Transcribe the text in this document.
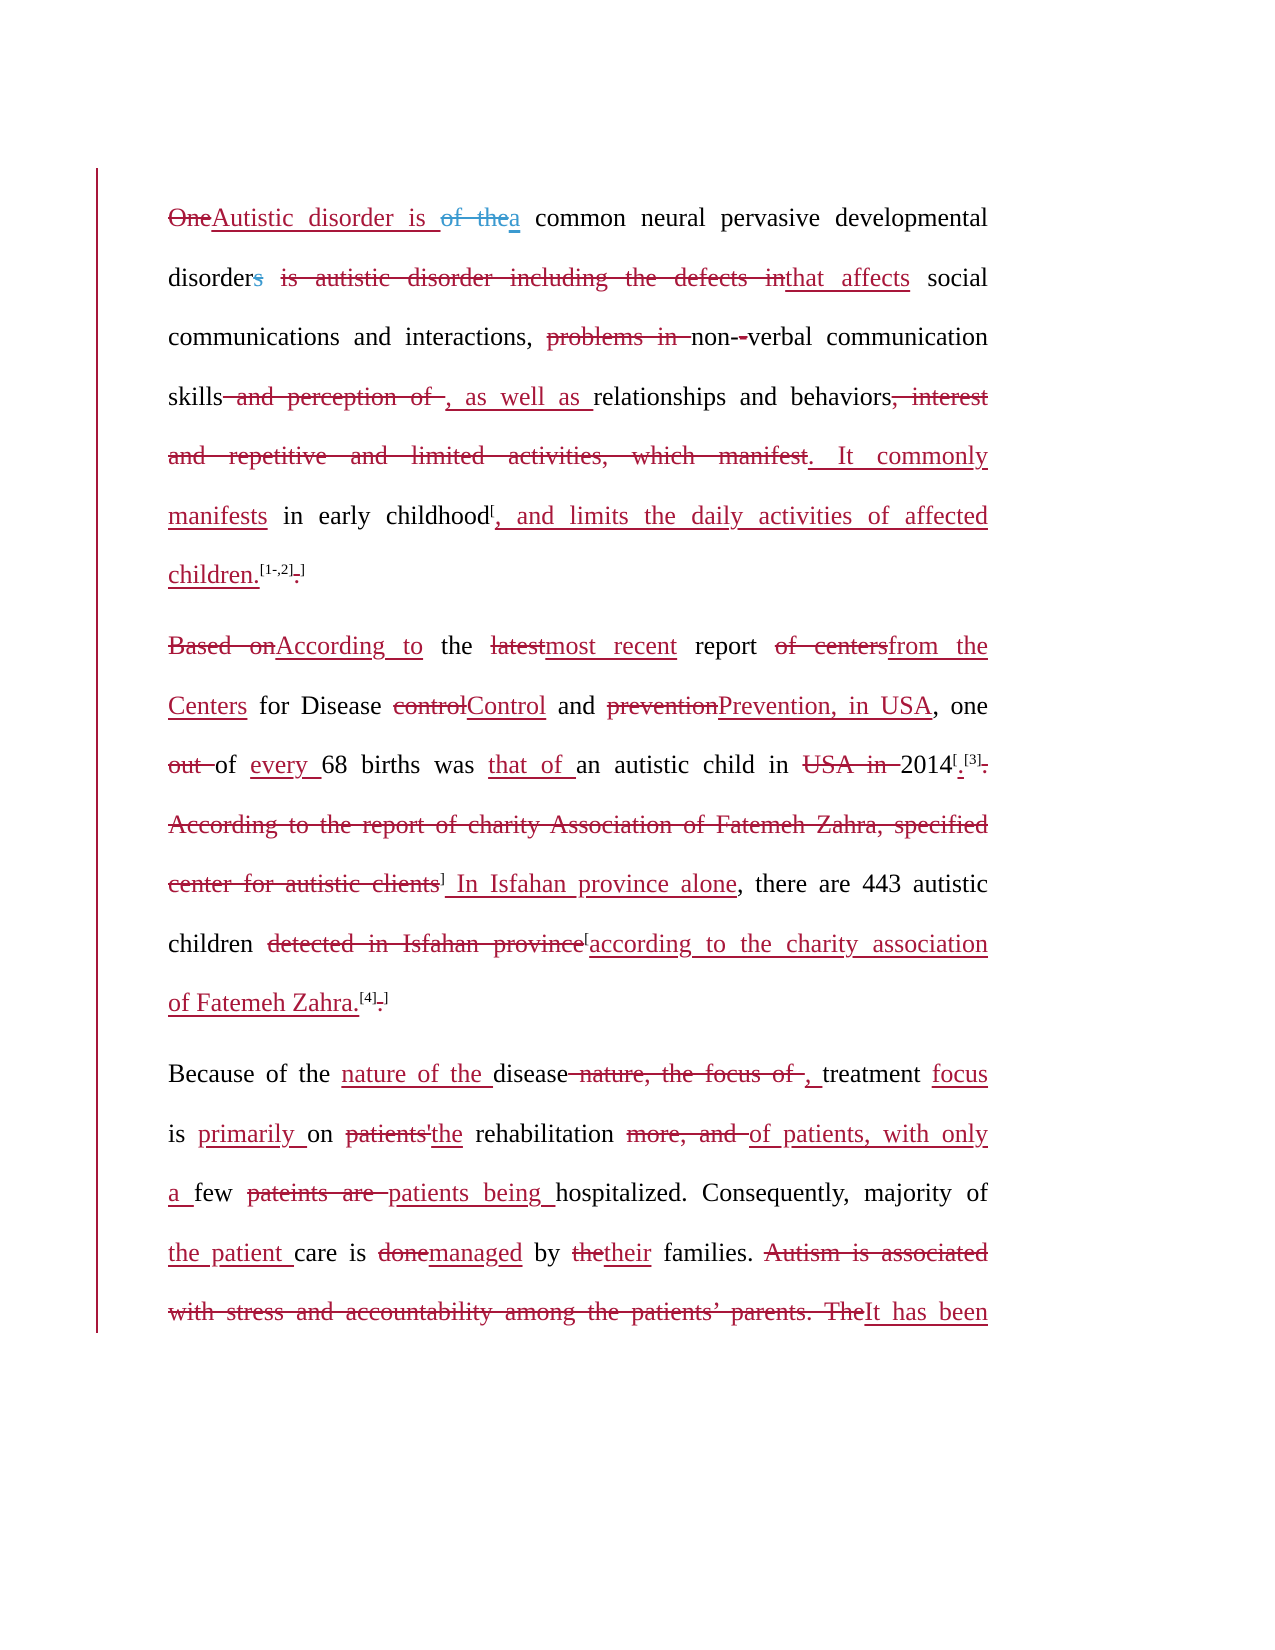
OneAutistic disorder is of thea common neural pervasive developmental
disorders is autistic disorder including the defects inthat affects social
communications and interactions, problems in non--verbal communication
skills and perception of , as well as relationships and behaviors, interest
and repetitive and limited activities, which manifest. It commonly
manifests in early childhood[, and limits the daily activities of affected
children.[1-,2].]
Based onAccording to the latestmost recent report of centersfrom the
Centers for Disease controlControl and preventionPrevention, in USA, one
out of every 68 births was that of an autistic child in USA in 2014[.[3].
According to the report of charity Association of Fatemeh Zahra, specified
center for autistic clients] In Isfahan province alone, there are 443 autistic
children detected in Isfahan province[according to the charity association
of Fatemeh Zahra.[4].]
Because of the nature of the disease nature, the focus of , treatment focus
is primarily on patients'the rehabilitation more, and of patients, with only
a few pateints are patients being hospitalized. Consequently, majority of
the patient care is donemanaged by thetheir families. Autism is associated
with stress and accountability among the patients’ parents. TheIt has been
